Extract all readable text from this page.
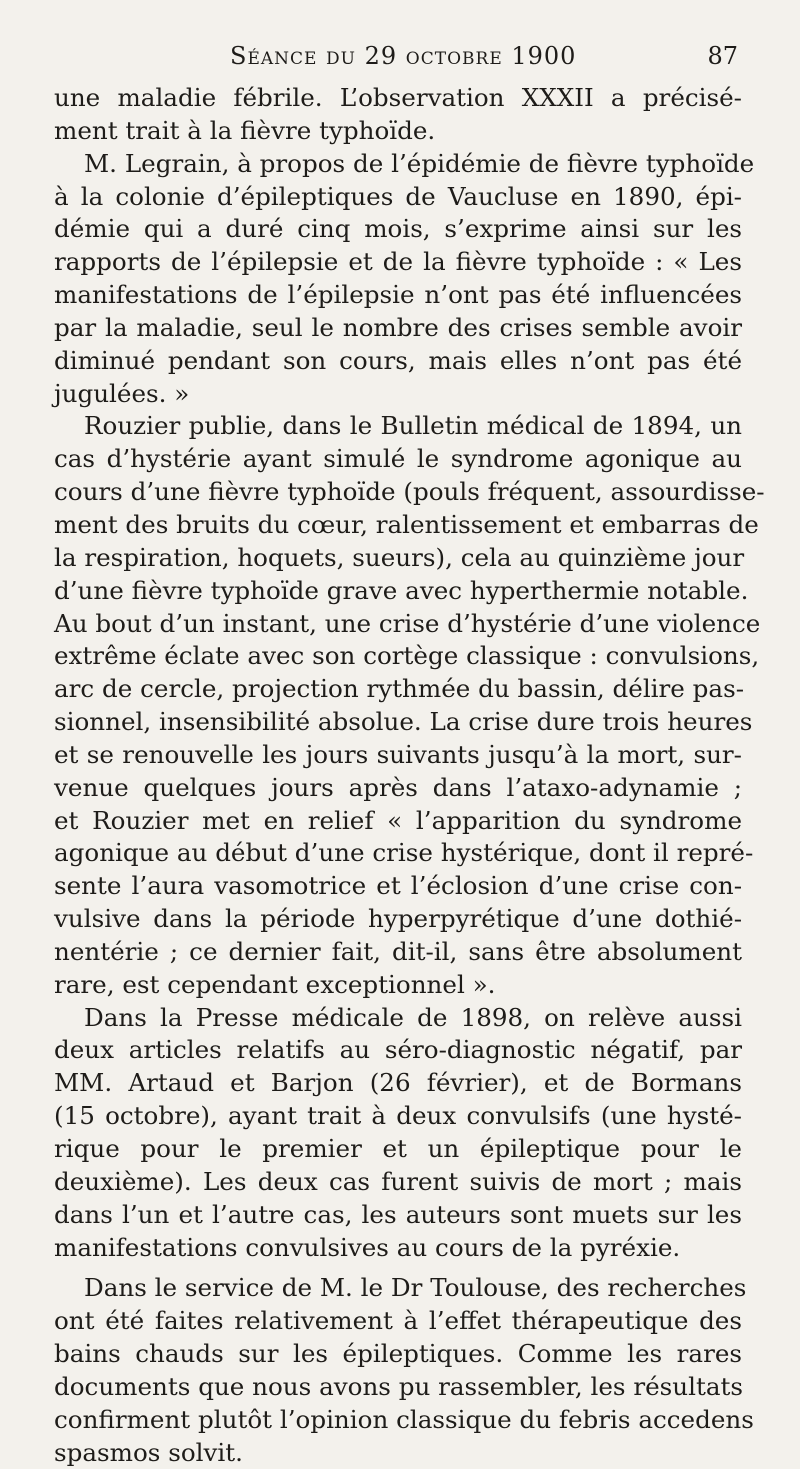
Séance du 29 octobre 1900	87
une maladie fébrile. L’observation XXXII a précisé-
ment trait à la fièvre typhoïde.
M. Legrain, à propos de l’épidémie de fièvre typhoïde
à la colonie d’épileptiques de Vaucluse en 1890, épi-
démie qui a duré cinq mois, s’exprime ainsi sur les
rapports de l’épilepsie et de la fièvre typhoïde : « Les
manifestations de l’épilepsie n’ont pas été influencées
par la maladie, seul le nombre des crises semble avoir
diminué pendant son cours, mais elles n’ont pas été
jugulées. »
Rouzier publie, dans le Bulletin médical de 1894, un
cas d’hystérie ayant simulé le syndrome agonique au
cours d’une fièvre typhoïde (pouls fréquent, assourdisse-
ment des bruits du cœur, ralentissement et embarras de
la respiration, hoquets, sueurs), cela au quinzième jour
d’une fièvre typhoïde grave avec hyperthermie notable.
Au bout d’un instant, une crise d’hystérie d’une violence
extrême éclate avec son cortège classique : convulsions,
arc de cercle, projection rythmée du bassin, délire pas-
sionnel, insensibilité absolue. La crise dure trois heures
et se renouvelle les jours suivants jusqu’à la mort, sur-
venue quelques jours après dans l’ataxo-adynamie ;
et Rouzier met en relief « l’apparition du syndrome
agonique au début d’une crise hystérique, dont il repré-
sente l’aura vasomotrice et l’éclosion d’une crise con-
vulsive dans la période hyperpyrétique d’une dothié-
nentérie ; ce dernier fait, dit-il, sans être absolument
rare, est cependant exceptionnel ».
Dans la Presse médicale de 1898, on relève aussi
deux articles relatifs au séro-diagnostic négatif, par
MM. Artaud et Barjon (26 février), et de Bormans
(15 octobre), ayant trait à deux convulsifs (une hysté-
rique pour le premier et un épileptique pour le
deuxième). Les deux cas furent suivis de mort ; mais
dans l’un et l’autre cas, les auteurs sont muets sur les
manifestations convulsives au cours de la pyréxie.
Dans le service de M. le Dr Toulouse, des recherches
ont été faites relativement à l’effet thérapeutique des
bains chauds sur les épileptiques. Comme les rares
documents que nous avons pu rassembler, les résultats
confirment plutôt l’opinion classique du febris accedens
spasmos solvit.
